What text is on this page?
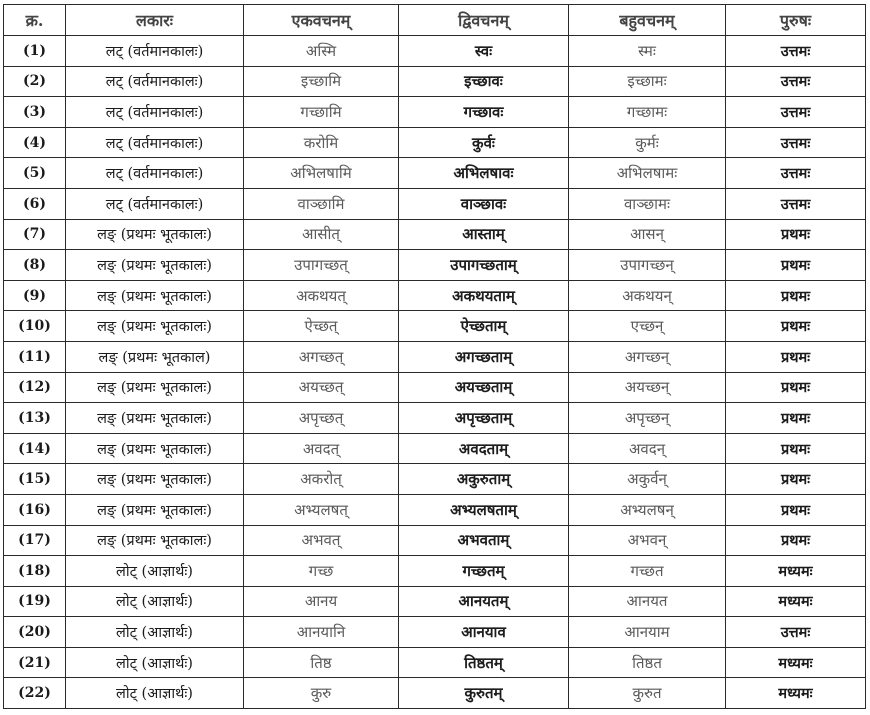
क्र.	लकारः	एकवचनम्	द्विवचनम्	बहुवचनम्	पुरुषः
(1)	लट् (वर्तमानकालः)	अस्मि	स्वः	स्मः	उत्तमः
(2)	लट् (वर्तमानकालः)	इच्छामि	इच्छावः	इच्छामः	उत्तमः
(3)	लट् (वर्तमानकालः)	गच्छामि	गच्छावः	गच्छामः	उत्तमः
(4)	लट् (वर्तमानकालः)	करोमि	कुर्वः	कुर्मः	उत्तमः
(5)	लट् (वर्तमानकालः)	अभिलषामि	अभिलषावः	अभिलषामः	उत्तमः
(6)	लट् (वर्तमानकालः)	वाञ्छामि	वाञ्छावः	वाञ्छामः	उत्तमः
(7)	लङ् (प्रथमः भूतकालः)	आसीत्	आस्ताम्	आसन्	प्रथमः
(8)	लङ् (प्रथमः भूतकालः)	उपागच्छत्	उपागच्छताम्	उपागच्छन्	प्रथमः
(9)	लङ् (प्रथमः भूतकालः)	अकथयत्	अकथयताम्	अकथयन्	प्रथमः
(10)	लङ् (प्रथमः भूतकालः)	ऐच्छत्	ऐच्छताम्	एच्छन्	प्रथमः
(11)	लङ् (प्रथमः भूतकाल)	अगच्छत्	अगच्छताम्	अगच्छन्	प्रथमः
(12)	लङ् (प्रथमः भूतकालः)	अयच्छत्	अयच्छताम्	अयच्छन्	प्रथमः
(13)	लङ् (प्रथमः भूतकालः)	अपृच्छत्	अपृच्छताम्	अपृच्छन्	प्रथमः
(14)	लङ् (प्रथमः भूतकालः)	अवदत्	अवदताम्	अवदन्	प्रथमः
(15)	लङ् (प्रथमः भूतकालः)	अकरोत्	अकुरुताम्	अकुर्वन्	प्रथमः
(16)	लङ् (प्रथमः भूतकालः)	अभ्यलषत्	अभ्यलषताम्	अभ्यलषन्	प्रथमः
(17)	लङ् (प्रथमः भूतकालः)	अभवत्	अभवताम्	अभवन्	प्रथमः
(18)	लोट् (आज्ञार्थः)	गच्छ	गच्छतम्	गच्छत	मध्यमः
(19)	लोट् (आज्ञार्थः)	आनय	आनयतम्	आनयत	मध्यमः
(20)	लोट् (आज्ञार्थः)	आनयानि	आनयाव	आनयाम	उत्तमः
(21)	लोट् (आज्ञार्थः)	तिष्ठ	तिष्ठतम्	तिष्ठत	मध्यमः
(22)	लोट् (आज्ञार्थः)	कुरु	कुरुतम्	कुरुत	मध्यमः
